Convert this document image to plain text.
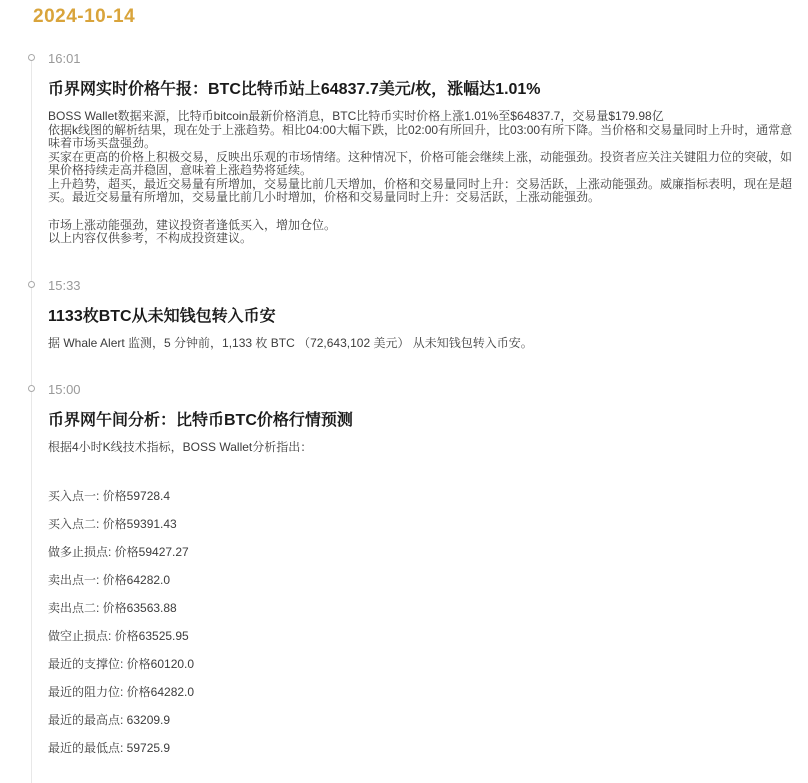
2024-10-14
16:01
币界网实时价格午报：BTC比特币站上64837.7美元/枚，涨幅达1.01%

BOSS Wallet数据来源，比特币bitcoin最新价格消息，BTC比特币实时价格上涨1.01%至$64837.7，交易量$179.98亿

依据k线图的解析结果，现在处于上涨趋势。相比04:00大幅下跌，比02:00有所回升，比03:00有所下降。当价格和交易量同时上升时，通常意味着市场买盘强劲。

买家在更高的价格上积极交易，反映出乐观的市场情绪。这种情况下，价格可能会继续上涨，动能强劲。投资者应关注关键阻力位的突破，如果价格持续走高并稳固，意味着上涨趋势将延续。

上升趋势，超买，最近交易量有所增加，交易量比前几天增加，价格和交易量同时上升：交易活跃，上涨动能强劲。威廉指标表明，现在是超买。最近交易量有所增加，交易量比前几小时增加，价格和交易量同时上升：交易活跃，上涨动能强劲。

市场上涨动能强劲，建议投资者逢低买入，增加仓位。

以上内容仅供参考，不构成投资建议。

15:33
1133枚BTC从未知钱包转入币安

据 Whale Alert 监测，5 分钟前，1,133 枚 BTC （72,643,102 美元） 从未知钱包转入币安。

15:00
币界网午间分析：比特币BTC价格行情预测

根据4小时K线技术指标，BOSS Wallet分析指出：

买入点一: 价格59728.4

买入点二: 价格59391.43

做多止损点: 价格59427.27

卖出点一: 价格64282.0

卖出点二: 价格63563.88

做空止损点: 价格63525.95

最近的支撑位: 价格60120.0

最近的阻力位: 价格64282.0

最近的最高点: 63209.9

最近的最低点: 59725.9
